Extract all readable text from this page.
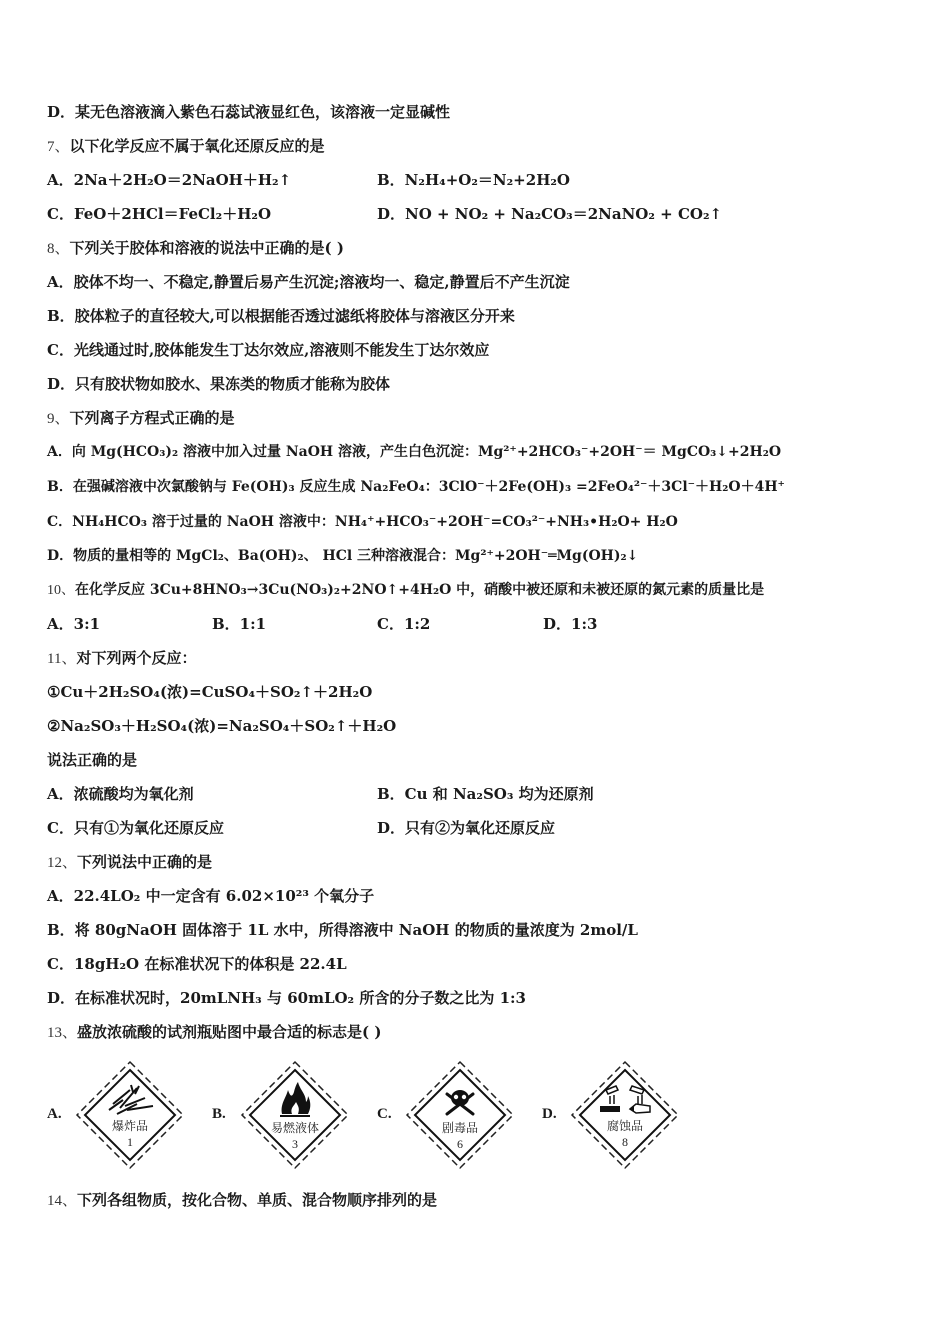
D．某无色溶液滴入紫色石蕊试液显红色，该溶液一定显碱性
7、以下化学反应不属于氧化还原反应的是
A．2Na＋2H₂O＝2NaOH＋H₂↑	B．N₂H₄+O₂＝N₂+2H₂O
C．FeO＋2HCl＝FeCl₂＋H₂O	D．NO + NO₂ + Na₂CO₃＝2NaNO₂ + CO₂↑
8、下列关于胶体和溶液的说法中正确的是( )
A．胶体不均一、不稳定,静置后易产生沉淀;溶液均一、稳定,静置后不产生沉淀
B．胶体粒子的直径较大,可以根据能否透过滤纸将胶体与溶液区分开来
C．光线通过时,胶体能发生丁达尔效应,溶液则不能发生丁达尔效应
D．只有胶状物如胶水、果冻类的物质才能称为胶体
9、下列离子方程式正确的是
A．向 Mg(HCO₃)₂ 溶液中加入过量 NaOH 溶液，产生白色沉淀：Mg²⁺+2HCO₃⁻+2OH⁻＝ MgCO₃↓+2H₂O
B．在强碱溶液中次氯酸钠与 Fe(OH)₃ 反应生成 Na₂FeO₄：3ClO⁻＋2Fe(OH)₃ =2FeO₄²⁻＋3Cl⁻＋H₂O＋4H⁺
C．NH₄HCO₃ 溶于过量的 NaOH 溶液中：NH₄⁺+HCO₃⁻+2OH⁻=CO₃²⁻+NH₃•H₂O+ H₂O
D．物质的量相等的 MgCl₂、Ba(OH)₂、 HCl 三种溶液混合：Mg²⁺+2OH⁻═Mg(OH)₂↓
10、在化学反应 3Cu+8HNO₃→3Cu(NO₃)₂+2NO↑+4H₂O 中，硝酸中被还原和未被还原的氮元素的质量比是
A．3:1	B．1:1	C．1:2	D．1:3
11、对下列两个反应：
①Cu＋2H₂SO₄(浓)=CuSO₄＋SO₂↑＋2H₂O
②Na₂SO₃＋H₂SO₄(浓)=Na₂SO₄＋SO₂↑＋H₂O
说法正确的是
A．浓硫酸均为氧化剂	B．Cu 和 Na₂SO₃ 均为还原剂
C．只有①为氧化还原反应	D．只有②为氧化还原反应
12、下列说法中正确的是
A．22.4LO₂ 中一定含有 6.02×10²³ 个氧分子
B．将 80gNaOH 固体溶于 1L 水中，所得溶液中 NaOH 的物质的量浓度为 2mol/L
C．18gH₂O 在标准状况下的体积是 22.4L
D．在标准状况时，20mLNH₃ 与 60mLO₂ 所含的分子数之比为 1:3
13、盛放浓硫酸的试剂瓶贴图中最合适的标志是( )
A.
爆炸品
1
B.
易燃液体
3
C.
剧毒品
6
D.
腐蚀品
8
14、下列各组物质，按化合物、单质、混合物顺序排列的是
